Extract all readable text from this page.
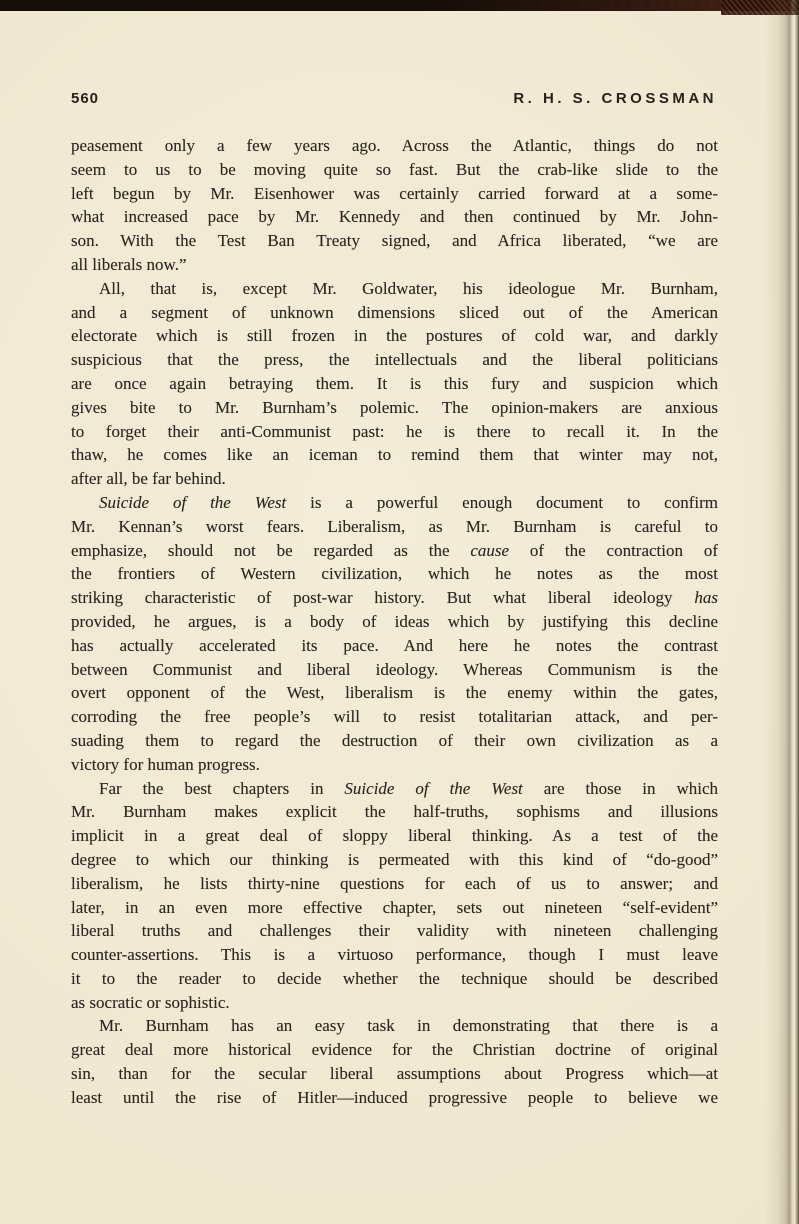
560	R. H. S. CROSSMAN
peasement only a few years ago. Across the Atlantic, things do not
seem to us to be moving quite so fast. But the crab-like slide to the
left begun by Mr. Eisenhower was certainly carried forward at a some-
what increased pace by Mr. Kennedy and then continued by Mr. John-
son. With the Test Ban Treaty signed, and Africa liberated, “we are
all liberals now.”
All, that is, except Mr. Goldwater, his ideologue Mr. Burnham,
and a segment of unknown dimensions sliced out of the American
electorate which is still frozen in the postures of cold war, and darkly
suspicious that the press, the intellectuals and the liberal politicians
are once again betraying them. It is this fury and suspicion which
gives bite to Mr. Burnham’s polemic. The opinion-makers are anxious
to forget their anti-Communist past: he is there to recall it. In the
thaw, he comes like an iceman to remind them that winter may not,
after all, be far behind.
Suicide of the West is a powerful enough document to confirm
Mr. Kennan’s worst fears. Liberalism, as Mr. Burnham is careful to
emphasize, should not be regarded as the cause of the contraction of
the frontiers of Western civilization, which he notes as the most
striking characteristic of post-war history. But what liberal ideology has
provided, he argues, is a body of ideas which by justifying this decline
has actually accelerated its pace. And here he notes the contrast
between Communist and liberal ideology. Whereas Communism is the
overt opponent of the West, liberalism is the enemy within the gates,
corroding the free people’s will to resist totalitarian attack, and per-
suading them to regard the destruction of their own civilization as a
victory for human progress.
Far the best chapters in Suicide of the West are those in which
Mr. Burnham makes explicit the half-truths, sophisms and illusions
implicit in a great deal of sloppy liberal thinking. As a test of the
degree to which our thinking is permeated with this kind of “do-good”
liberalism, he lists thirty-nine questions for each of us to answer; and
later, in an even more effective chapter, sets out nineteen “self-evident”
liberal truths and challenges their validity with nineteen challenging
counter-assertions. This is a virtuoso performance, though I must leave
it to the reader to decide whether the technique should be described
as socratic or sophistic.
Mr. Burnham has an easy task in demonstrating that there is a
great deal more historical evidence for the Christian doctrine of original
sin, than for the secular liberal assumptions about Progress which—at
least until the rise of Hitler—induced progressive people to believe we
